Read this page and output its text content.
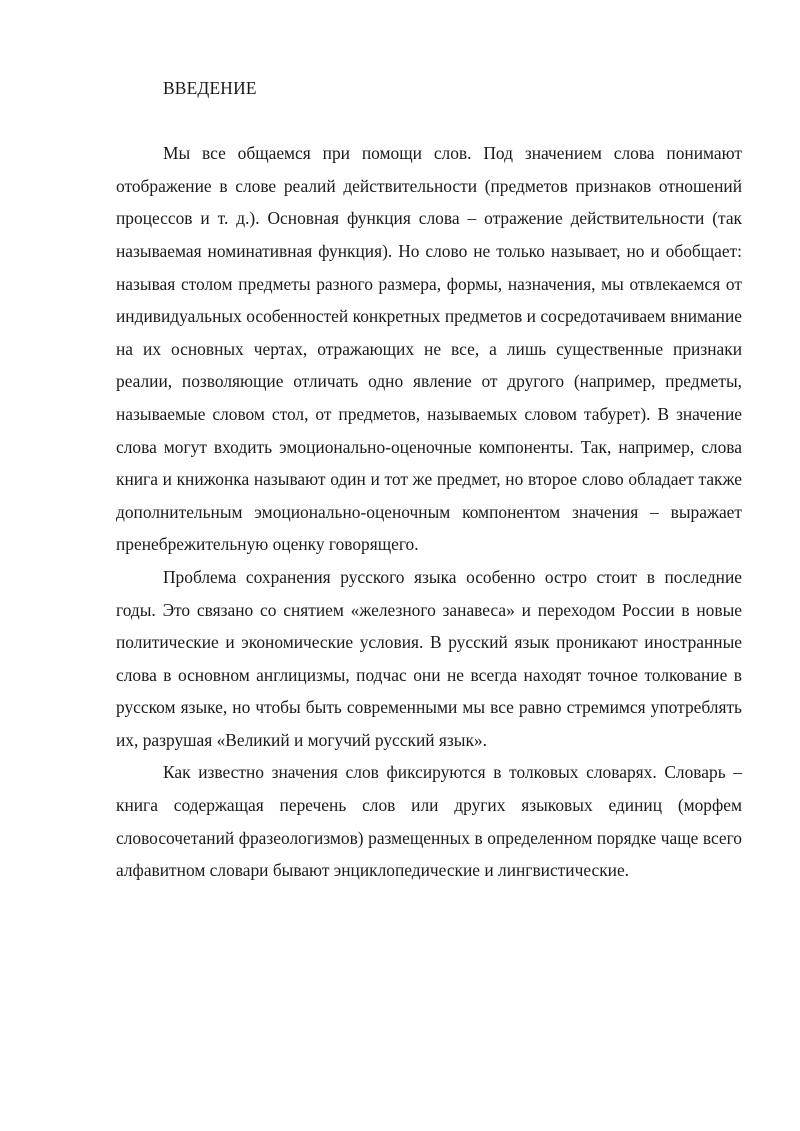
ВВЕДЕНИЕ

Мы все общаемся при помощи слов. Под значением слова понимают отображение в слове реалий действительности (предметов признаков отношений процессов и т. д.). Основная функция слова – отражение действительности (так называемая номинативная функция). Но слово не только называет, но и обобщает: называя столом предметы разного размера, формы, назначения, мы отвлекаемся от индивидуальных особенностей конкретных предметов и сосредотачиваем внимание на их основных чертах, отражающих не все, а лишь существенные признаки реалии, позволяющие отличать одно явление от другого (например, предметы, называемые словом стол, от предметов, называемых словом табурет). В значение слова могут входить эмоционально-оценочные компоненты. Так, например, слова книга и книжонка называют один и тот же предмет, но второе слово обладает также дополнительным эмоционально-оценочным компонентом значения – выражает пренебрежительную оценку говорящего.

Проблема сохранения русского языка особенно остро стоит в последние годы. Это связано со снятием «железного занавеса» и переходом России в новые политические и экономические условия. В русский язык проникают иностранные слова в основном англицизмы, подчас они не всегда находят точное толкование в русском языке, но чтобы быть современными мы все равно стремимся употреблять их, разрушая «Великий и могучий русский язык».

Как известно значения слов фиксируются в толковых словарях. Словарь – книга содержащая перечень слов или других языковых единиц (морфем словосочетаний фразеологизмов) размещенных в определенном порядке чаще всего алфавитном словари бывают энциклопедические и лингвистические.
